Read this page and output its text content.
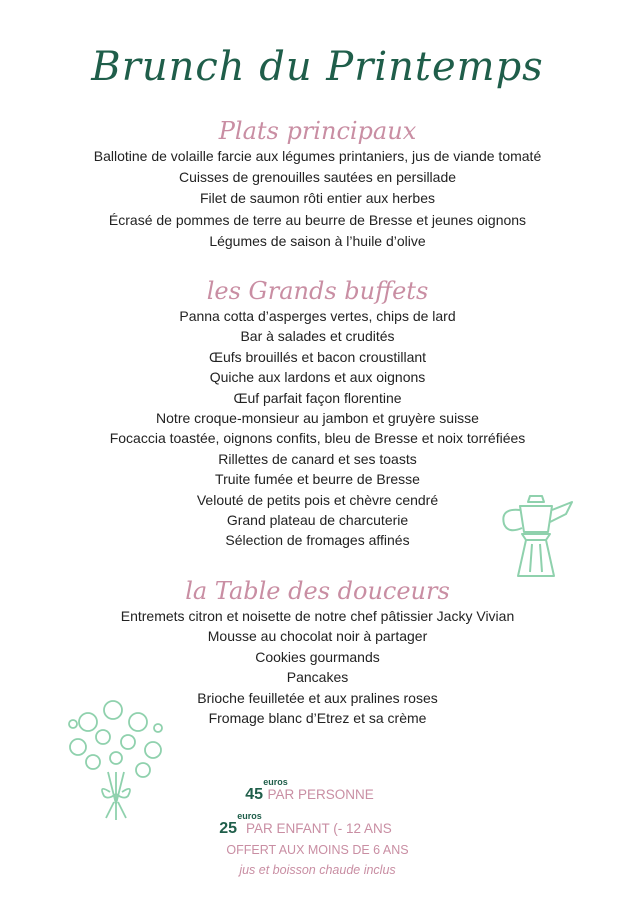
Brunch du Printemps
Plats principaux
Ballotine de volaille farcie aux légumes printaniers, jus de viande tomaté
Cuisses de grenouilles sautées en persillade
Filet de saumon rôti entier aux herbes
Écrasé de pommes de terre au beurre de Bresse et jeunes oignons
Légumes de saison à l’huile d’olive
les Grands buffets
Panna cotta d’asperges vertes, chips de lard
Bar à salades et crudités
Œufs brouillés et bacon croustillant
Quiche aux lardons et aux oignons
Œuf parfait façon florentine
Notre croque-monsieur au jambon et gruyère suisse
Focaccia toastée, oignons confits, bleu de Bresse et noix torréfiées
Rillettes de canard et ses toasts
Truite fumée et beurre de Bresse
Velouté de petits pois et chèvre cendré
Grand plateau de charcuterie
Sélection de fromages affinés
la Table des douceurs
Entremets citron et noisette de notre chef pâtissier Jacky Vivian
Mousse au chocolat noir à partager
Cookies gourmands
Pancakes
Brioche feuilletée et aux pralines roses
Fromage blanc d’Etrez et sa crème
euros
45 PAR PERSONNE
euros
25 PAR ENFANT (- 12 ANS
OFFERT AUX MOINS DE 6 ANS
jus et boisson chaude inclus
